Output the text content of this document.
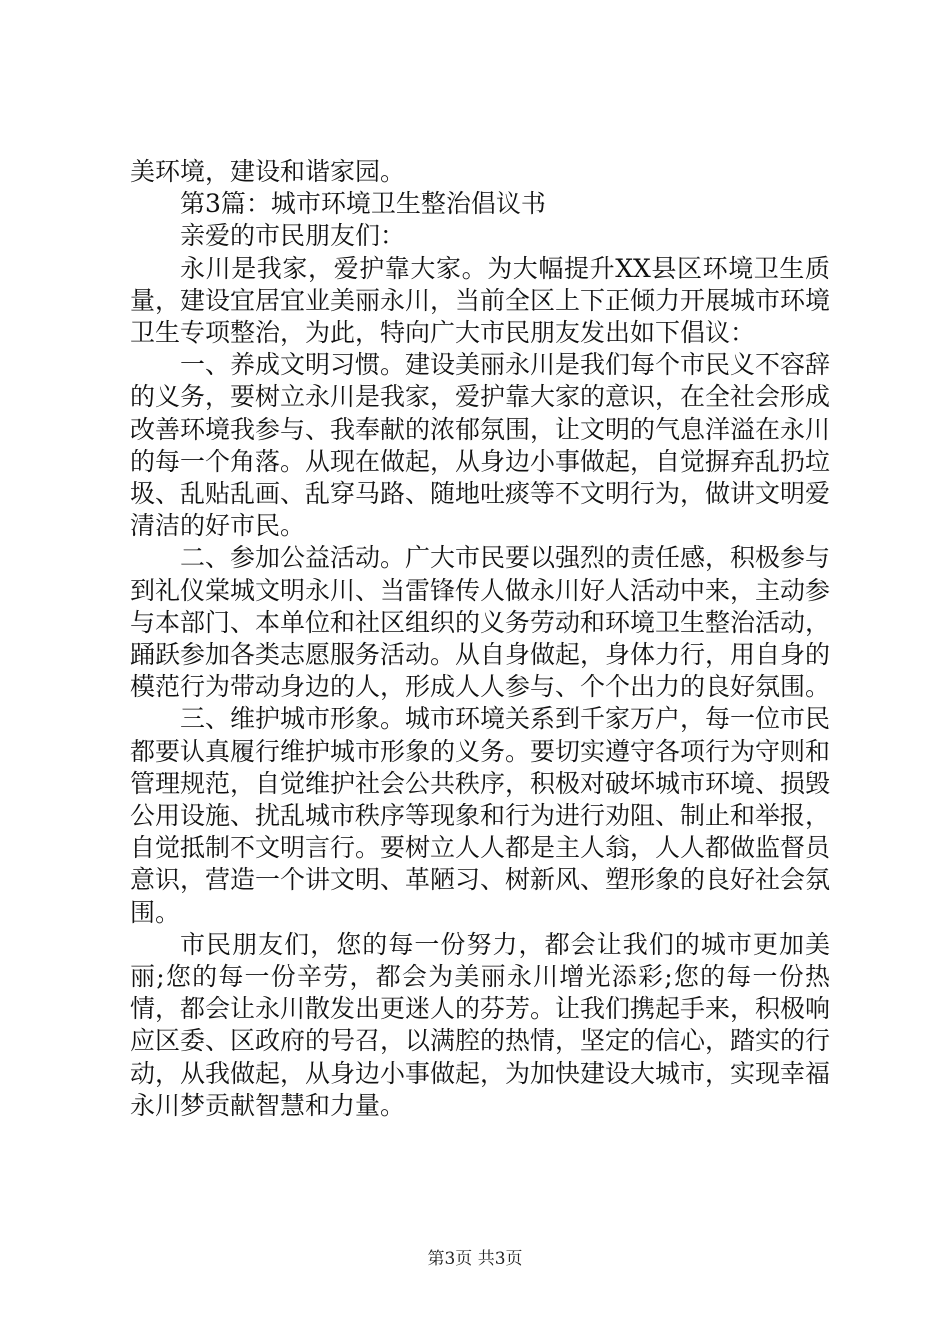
美环境，建设和谐家园。

第3篇：城市环境卫生整治倡议书

亲爱的市民朋友们：

永川是我家，爱护靠大家。为大幅提升XX县区环境卫生质量，建设宜居宜业美丽永川，当前全区上下正倾力开展城市环境卫生专项整治，为此，特向广大市民朋友发出如下倡议：

一、养成文明习惯。建设美丽永川是我们每个市民义不容辞的义务，要树立永川是我家，爱护靠大家的意识，在全社会形成改善环境我参与、我奉献的浓郁氛围，让文明的气息洋溢在永川的每一个角落。从现在做起，从身边小事做起，自觉摒弃乱扔垃圾、乱贴乱画、乱穿马路、随地吐痰等不文明行为，做讲文明爱清洁的好市民。

二、参加公益活动。广大市民要以强烈的责任感，积极参与到礼仪棠城文明永川、当雷锋传人做永川好人活动中来，主动参与本部门、本单位和社区组织的义务劳动和环境卫生整治活动，踊跃参加各类志愿服务活动。从自身做起，身体力行，用自身的模范行为带动身边的人，形成人人参与、个个出力的良好氛围。

三、维护城市形象。城市环境关系到千家万户，每一位市民都要认真履行维护城市形象的义务。要切实遵守各项行为守则和管理规范，自觉维护社会公共秩序，积极对破坏城市环境、损毁公用设施、扰乱城市秩序等现象和行为进行劝阻、制止和举报，自觉抵制不文明言行。要树立人人都是主人翁，人人都做监督员意识，营造一个讲文明、革陋习、树新风、塑形象的良好社会氛围。

市民朋友们，您的每一份努力，都会让我们的城市更加美丽;您的每一份辛劳，都会为美丽永川增光添彩;您的每一份热情，都会让永川散发出更迷人的芬芳。让我们携起手来，积极响应区委、区政府的号召，以满腔的热情，坚定的信心，踏实的行动，从我做起，从身边小事做起，为加快建设大城市，实现幸福永川梦贡献智慧和力量。

第3页 共3页
